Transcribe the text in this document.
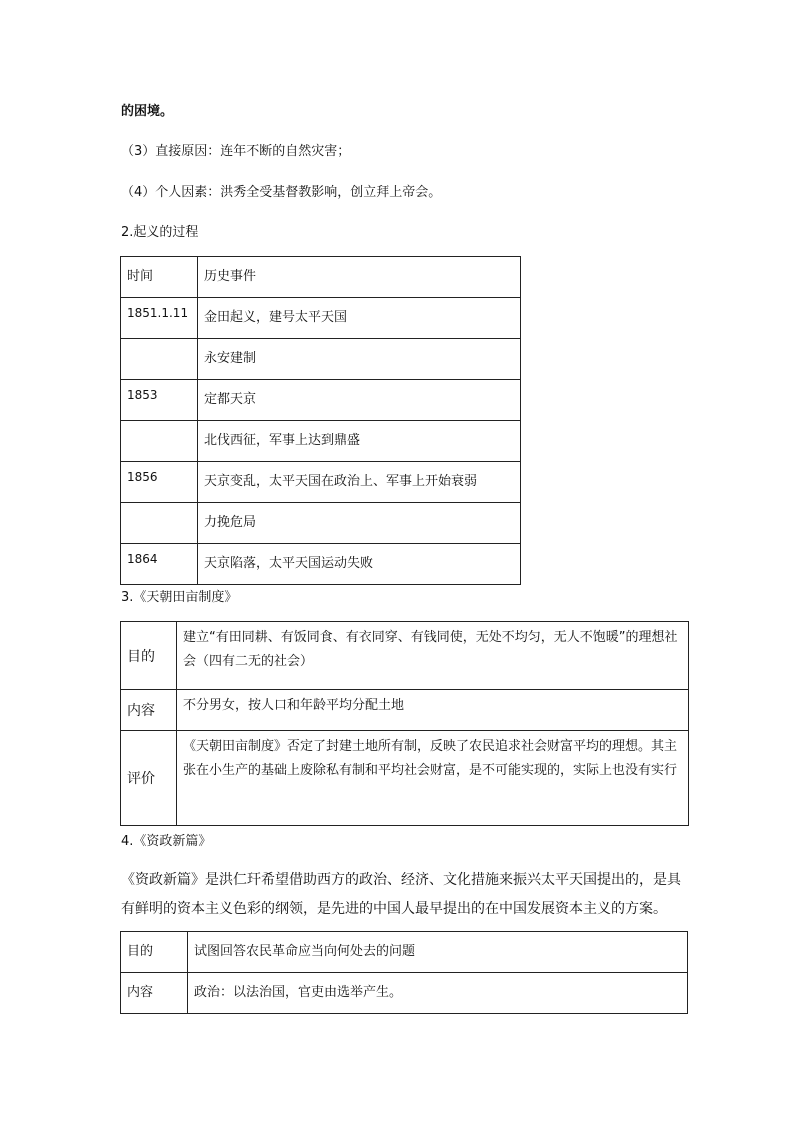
的困境。
（3）直接原因：连年不断的自然灾害；
（4）个人因素：洪秀全受基督教影响，创立拜上帝会。
2.起义的过程
时间	历史事件
1851.1.11	金田起义，建号太平天国
	永安建制
1853	定都天京
	北伐西征，军事上达到鼎盛
1856	天京变乱，太平天国在政治上、军事上开始衰弱
	力挽危局
1864	天京陷落，太平天国运动失败
3.《天朝田亩制度》
目的	建立“有田同耕、有饭同食、有衣同穿、有钱同使，无处不均匀，无人不饱暖”的理想社会（四有二无的社会）
内容	不分男女，按人口和年龄平均分配土地
评价	《天朝田亩制度》否定了封建土地所有制，反映了农民追求社会财富平均的理想。其主张在小生产的基础上废除私有制和平均社会财富，是不可能实现的，实际上也没有实行
4.《资政新篇》
《资政新篇》是洪仁玕希望借助西方的政治、经济、文化措施来振兴太平天国提出的，是具有鲜明的资本主义色彩的纲领，是先进的中国人最早提出的在中国发展资本主义的方案。
目的	试图回答农民革命应当向何处去的问题
内容	政治：以法治国，官吏由选举产生。
